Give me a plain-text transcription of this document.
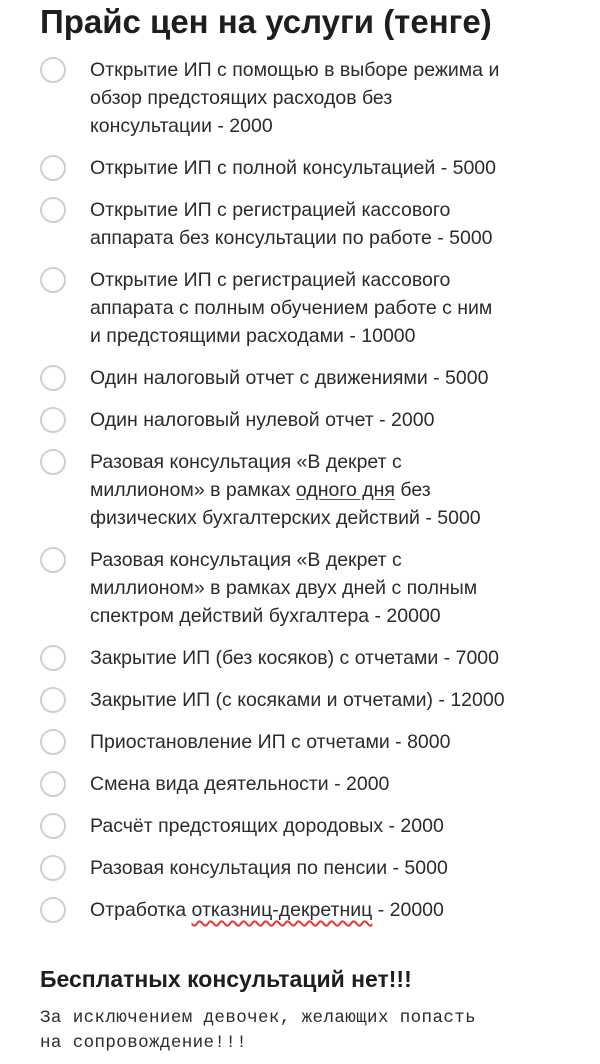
Прайс цен на услуги (тенге)
Открытие ИП с помощью в выборе режима и
обзор предстоящих расходов без
консультации - 2000
Открытие ИП с полной консультацией - 5000
Открытие ИП с регистрацией кассового
аппарата без консультации по работе - 5000
Открытие ИП с регистрацией кассового
аппарата с полным обучением работе с ним
и предстоящими расходами - 10000
Один налоговый отчет с движениями - 5000
Один налоговый нулевой отчет - 2000
Разовая консультация «В декрет с
миллионом» в рамках одного дня без
физических бухгалтерских действий - 5000
Разовая консультация «В декрет с
миллионом» в рамках двух дней с полным
спектром действий бухгалтера - 20000
Закрытие ИП (без косяков) с отчетами - 7000
Закрытие ИП (с косяками и отчетами) - 12000
Приостановление ИП с отчетами - 8000
Смена вида деятельности - 2000
Расчёт предстоящих дородовых - 2000
Разовая консультация по пенсии - 5000
Отработка отказниц-декретниц - 20000
Бесплатных консультаций нет!!!

За исключением девочек, желающих попасть
на сопровождение!!!
